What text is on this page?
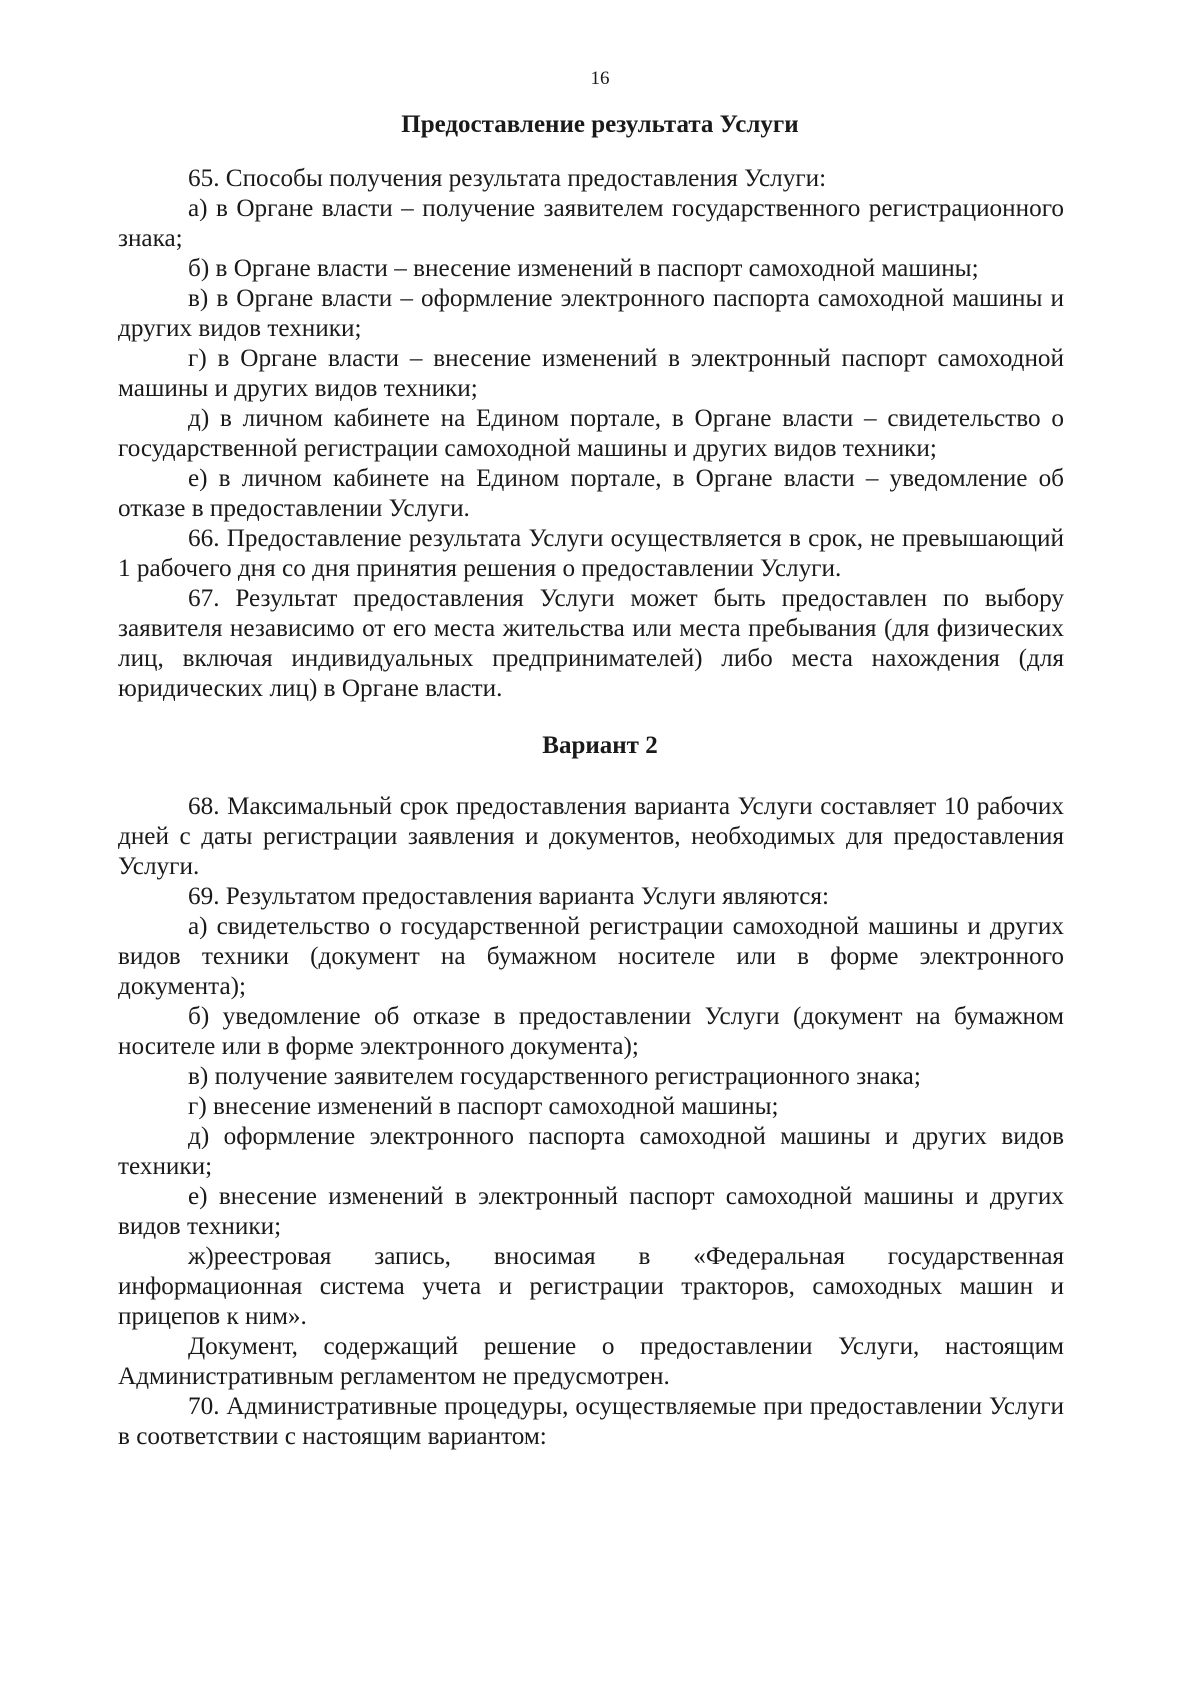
16
Предоставление результата Услуги

65. Способы получения результата предоставления Услуги:

а) в Органе власти – получение заявителем государственного регистрационного знака;

б) в Органе власти – внесение изменений в паспорт самоходной машины;

в) в Органе власти – оформление электронного паспорта самоходной машины и других видов техники;

г) в Органе власти – внесение изменений в электронный паспорт самоходной машины и других видов техники;

д) в личном кабинете на Едином портале, в Органе власти – свидетельство о государственной регистрации самоходной машины и других видов техники;

е) в личном кабинете на Едином портале, в Органе власти – уведомление об отказе в предоставлении Услуги.

66. Предоставление результата Услуги осуществляется в срок, не превышающий 1 рабочего дня со дня принятия решения о предоставлении Услуги.

67. Результат предоставления Услуги может быть предоставлен по выбору заявителя независимо от его места жительства или места пребывания (для физических лиц, включая индивидуальных предпринимателей) либо места нахождения (для юридических лиц) в Органе власти.

Вариант 2

68. Максимальный срок предоставления варианта Услуги составляет 10 рабочих дней с даты регистрации заявления и документов, необходимых для предоставления Услуги.

69. Результатом предоставления варианта Услуги являются:

а) свидетельство о государственной регистрации самоходной машины и других видов техники (документ на бумажном носителе или в форме электронного документа);

б) уведомление об отказе в предоставлении Услуги (документ на бумажном носителе или в форме электронного документа);

в) получение заявителем государственного регистрационного знака;

г) внесение изменений в паспорт самоходной машины;

д) оформление электронного паспорта самоходной машины и других видов техники;

е) внесение изменений в электронный паспорт самоходной машины и других видов техники;

ж)реестровая запись, вносимая в «Федеральная государственная информационная система учета и регистрации тракторов, самоходных машин и прицепов к ним».

Документ, содержащий решение о предоставлении Услуги, настоящим Административным регламентом не предусмотрен.

70. Административные процедуры, осуществляемые при предоставлении Услуги в соответствии с настоящим вариантом:
